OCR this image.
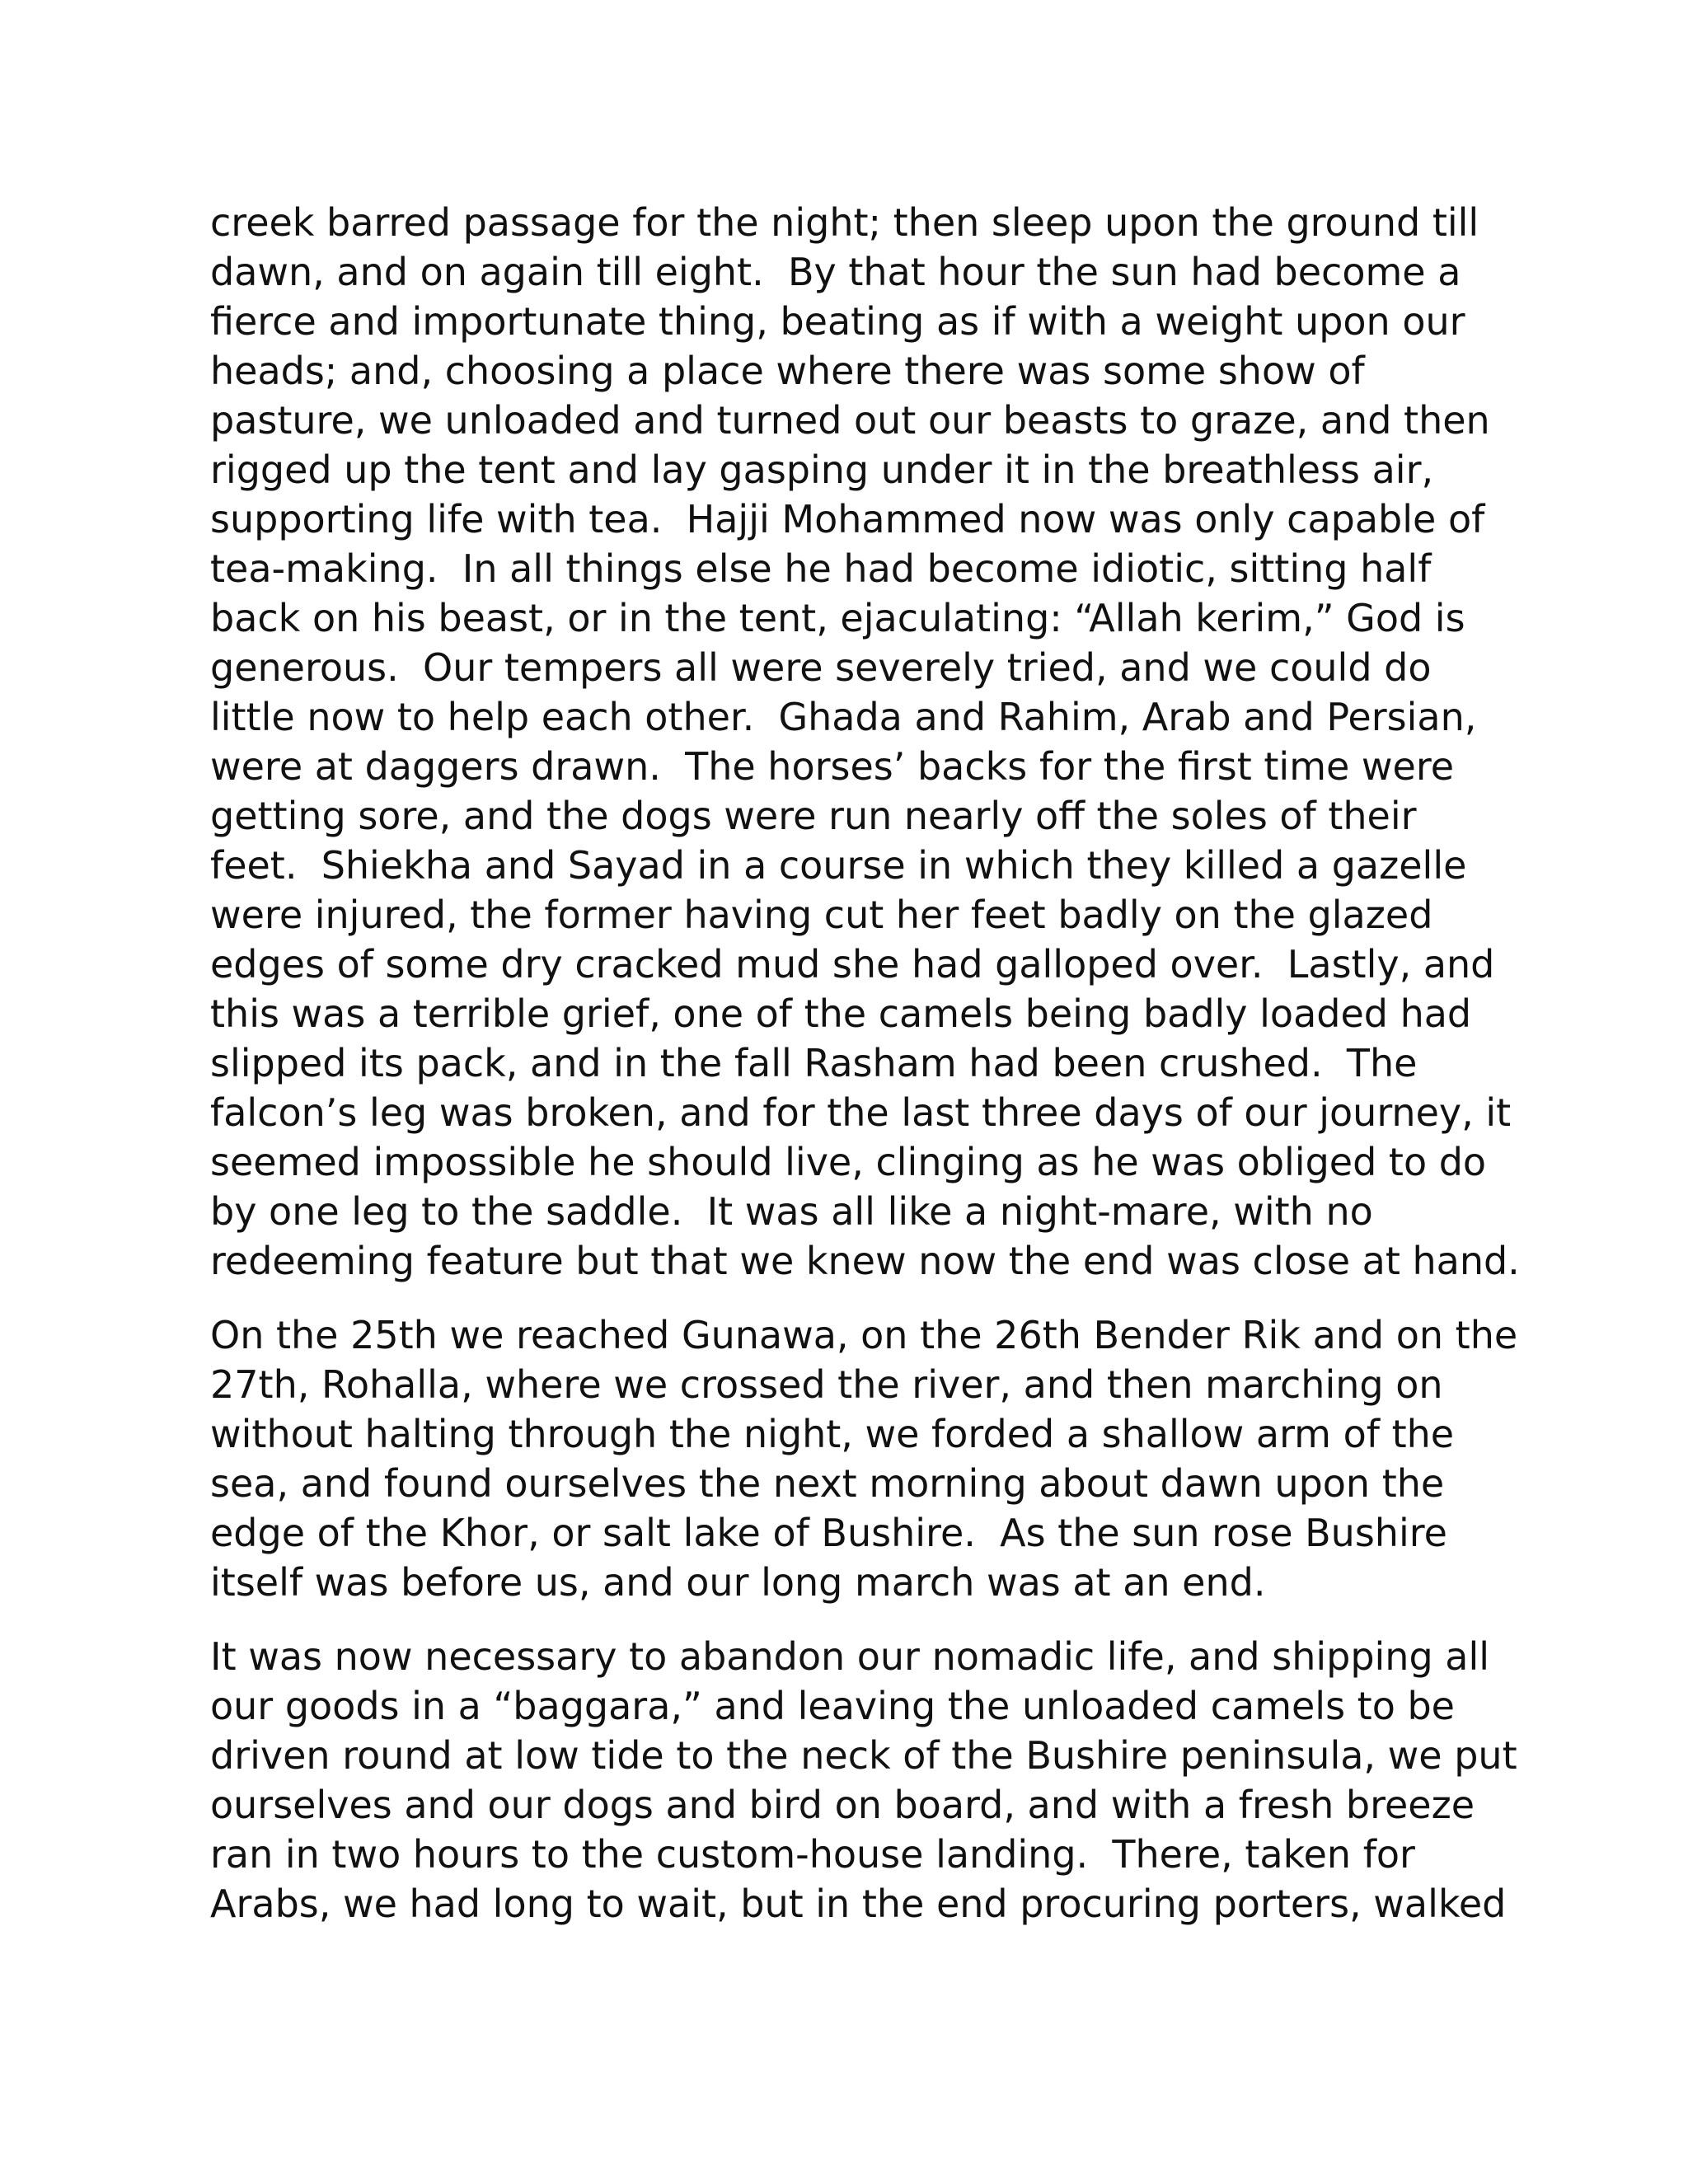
creek barred passage for the night; then sleep upon the ground till
dawn, and on again till eight.  By that hour the sun had become a
fierce and importunate thing, beating as if with a weight upon our
heads; and, choosing a place where there was some show of
pasture, we unloaded and turned out our beasts to graze, and then
rigged up the tent and lay gasping under it in the breathless air,
supporting life with tea.  Hajji Mohammed now was only capable of
tea-making.  In all things else he had become idiotic, sitting half
back on his beast, or in the tent, ejaculating: “Allah kerim,” God is
generous.  Our tempers all were severely tried, and we could do
little now to help each other.  Ghada and Rahim, Arab and Persian,
were at daggers drawn.  The horses’ backs for the first time were
getting sore, and the dogs were run nearly off the soles of their
feet.  Shiekha and Sayad in a course in which they killed a gazelle
were injured, the former having cut her feet badly on the glazed
edges of some dry cracked mud she had galloped over.  Lastly, and
this was a terrible grief, one of the camels being badly loaded had
slipped its pack, and in the fall Rasham had been crushed.  The
falcon’s leg was broken, and for the last three days of our journey, it
seemed impossible he should live, clinging as he was obliged to do
by one leg to the saddle.  It was all like a night-mare, with no
redeeming feature but that we knew now the end was close at hand.
On the 25th we reached Gunawa, on the 26th Bender Rik and on the
27th, Rohalla, where we crossed the river, and then marching on
without halting through the night, we forded a shallow arm of the
sea, and found ourselves the next morning about dawn upon the
edge of the Khor, or salt lake of Bushire.  As the sun rose Bushire
itself was before us, and our long march was at an end.
It was now necessary to abandon our nomadic life, and shipping all
our goods in a “baggara,” and leaving the unloaded camels to be
driven round at low tide to the neck of the Bushire peninsula, we put
ourselves and our dogs and bird on board, and with a fresh breeze
ran in two hours to the custom-house landing.  There, taken for
Arabs, we had long to wait, but in the end procuring porters, walked
